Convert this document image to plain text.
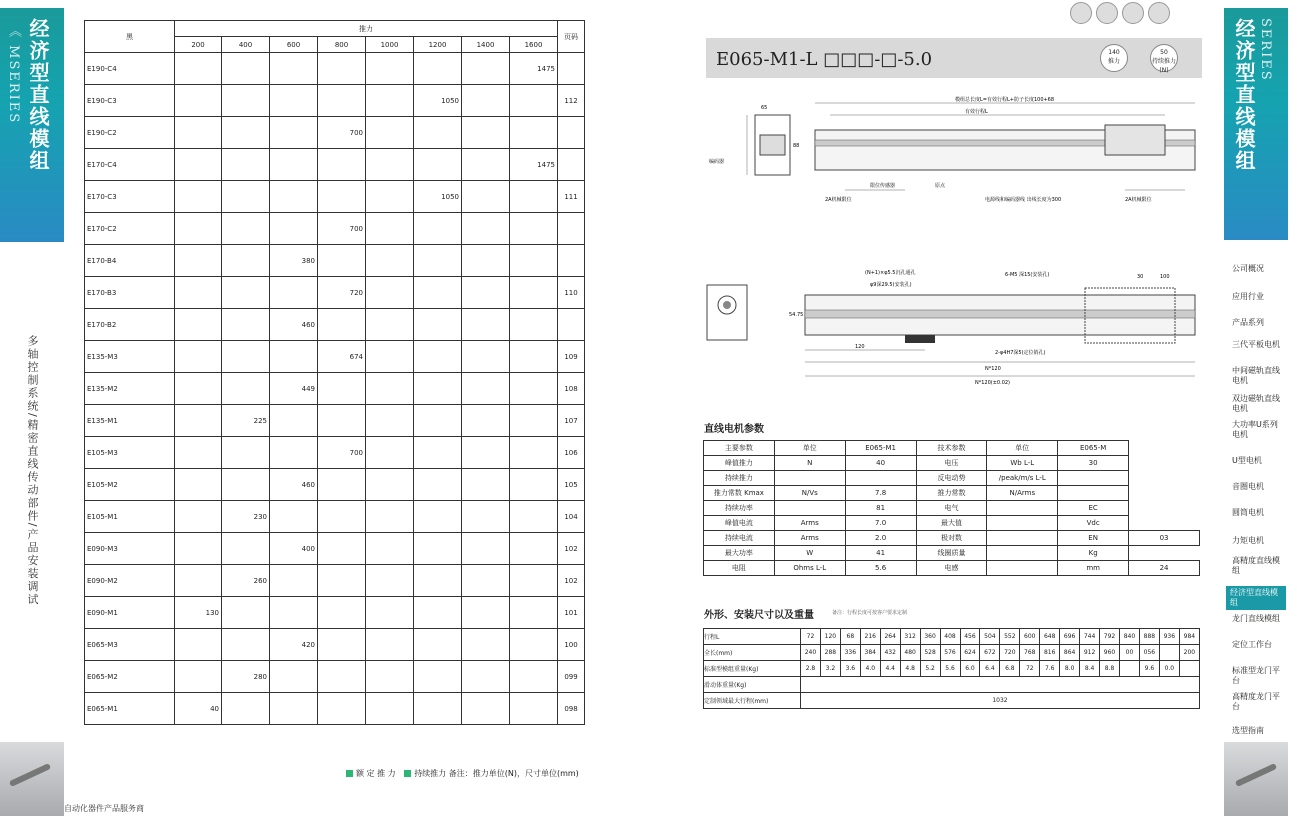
《 MSERIES 经济型直线模组
多轴控制系统/精密直线传动部件/产品安装调试
自动化器件产品服务商
黑	推力								页码
	200	400	600	800	1000	1200	1400	1600	
E190-C4								1475	
E190-C3						1050			112
E190-C2				700					
E170-C4								1475	
E170-C3						1050			111
E170-C2				700					
E170-B4			380						
E170-B3				720					110
E170-B2			460						
E135-M3				674					109
E135-M2			449						108
E135-M1		225							107
E105-M3				700					106
E105-M2			460						105
E105-M1		230							104
E090-M3			400						102
E090-M2		260							102
E090-M1	130								101
E065-M3			420						100
E065-M2		280							099
E065-M1	40								098
额 定 推 力 持续推力 备注：推力单位(N)，尺寸单位(mm)
E065-M1-L □□□-□-5.0	140
推力
50
持续推力(N)
模组总长度L=有效行程L+防子长度100+68
有效行程L
编码器
限位传感器	原点
电源线和编码器线 出线长度为300
2A机械限位	2A机械限位
65
88
120
N*120
N*120(±0.02)
6-M5 深15(安装孔)
2-φ4H7深5(定位销孔)
(N+1)×φ5.5沉孔通孔
φ9深29.5(安装孔)
30	100
54.75
直线电机参数
主要参数	单位	E065-M1	技术参数	单位	E065-M	
峰值推力	N	40	电压	Wb L-L	30	
持续推力			反电动势	/peak/m/s L-L		
推力常数 Kmax	N/Vs	7.8	推力常数	N/Arms		
持续功率		81	电气		EC	
峰值电流	Arms	7.0	最大值		Vdc	
持续电流	Arms	2.0	极对数		EN	03
最大功率	W	41	线圈质量		Kg	
电阻	Ohms L-L	5.6	电感		mm	24
外形、安装尺寸以及重量	备注：行程长度可按客户要求定制
行程L	72	120	68	216	264	312	360	408	456	504	552	600	648	696	744	792	840	888	936	984
全长(mm)	240	288	336	384	432	480	528	576	624	672	720	768	816	864	912	960	00	056		200
标准型模组重量(Kg)	2.8	3.2	3.6	4.0	4.4	4.8	5.2	5.6	6.0	6.4	6.8	72	7.6	8.0	8.4	8.8		9.6	0.0	
滑动体重量(Kg)																				
定制领域最大行程(mm)	1032																			
经济型直线模组 SERIES
公司概况
应用行业
产品系列
三代平板电机
中间磁轨直线电机
双边磁轨直线电机
大功率U系列电机
U型电机
音圈电机
圆筒电机
力矩电机
高精度直线模组
经济型直线模组
龙门直线模组
定位工作台
标准型龙门平台
高精度龙门平台
选型指南
